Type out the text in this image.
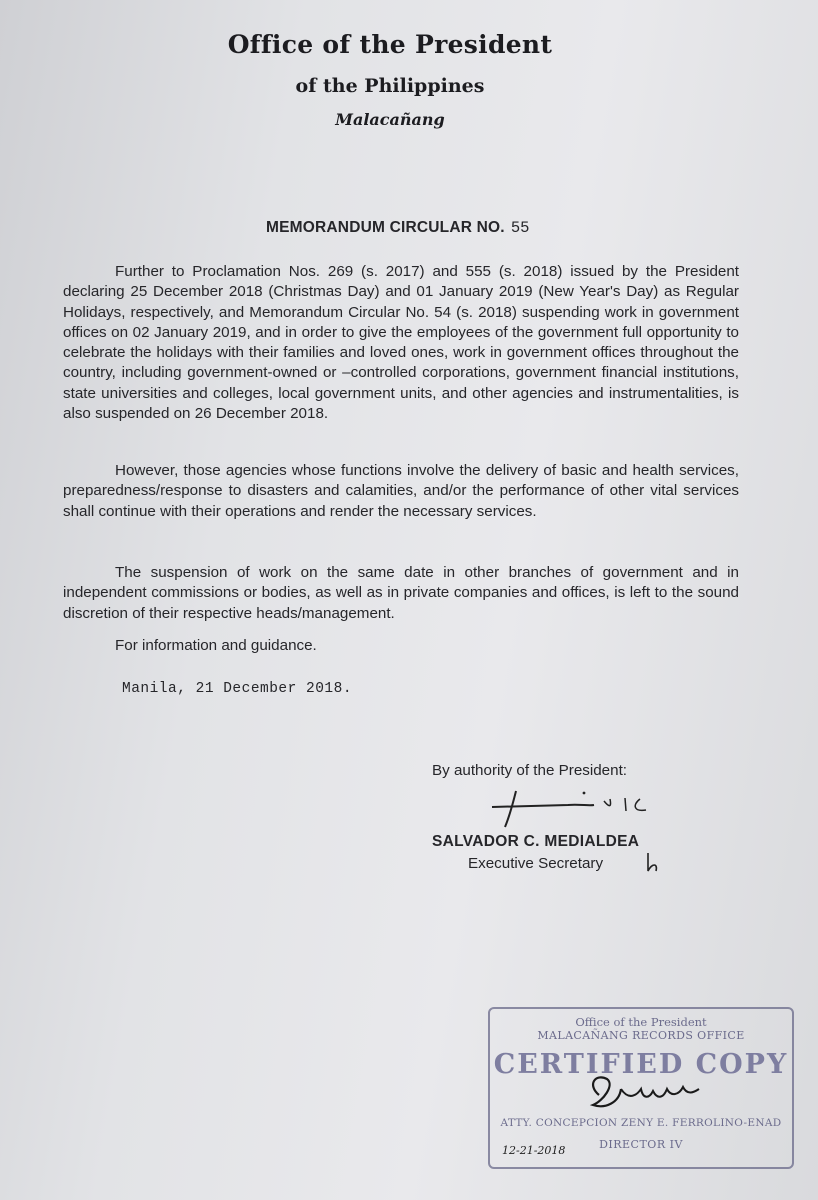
Office of the President
of the Philippines
Malacañang
MEMORANDUM CIRCULAR NO. 55
Further to Proclamation Nos. 269 (s. 2017) and 555 (s. 2018) issued by the President declaring 25 December 2018 (Christmas Day) and 01 January 2019 (New Year's Day) as Regular Holidays, respectively, and Memorandum Circular No. 54 (s. 2018) suspending work in government offices on 02 January 2019, and in order to give the employees of the government full opportunity to celebrate the holidays with their families and loved ones, work in government offices throughout the country, including government-owned or –controlled corporations, government financial institutions, state universities and colleges, local government units, and other agencies and instrumentalities, is also suspended on 26 December 2018.
However, those agencies whose functions involve the delivery of basic and health services, preparedness/response to disasters and calamities, and/or the performance of other vital services shall continue with their operations and render the necessary services.
The suspension of work on the same date in other branches of government and in independent commissions or bodies, as well as in private companies and offices, is left to the sound discretion of their respective heads/management.
For information and guidance.
Manila, 21 December 2018.
By authority of the President:
SALVADOR C. MEDIALDEA
Executive Secretary
Office of the President
MALACAÑANG RECORDS OFFICE
CERTIFIED COPY
ATTY. CONCEPCION ZENY E. FERROLINO-ENAD
DIRECTOR IV
12-21-2018
